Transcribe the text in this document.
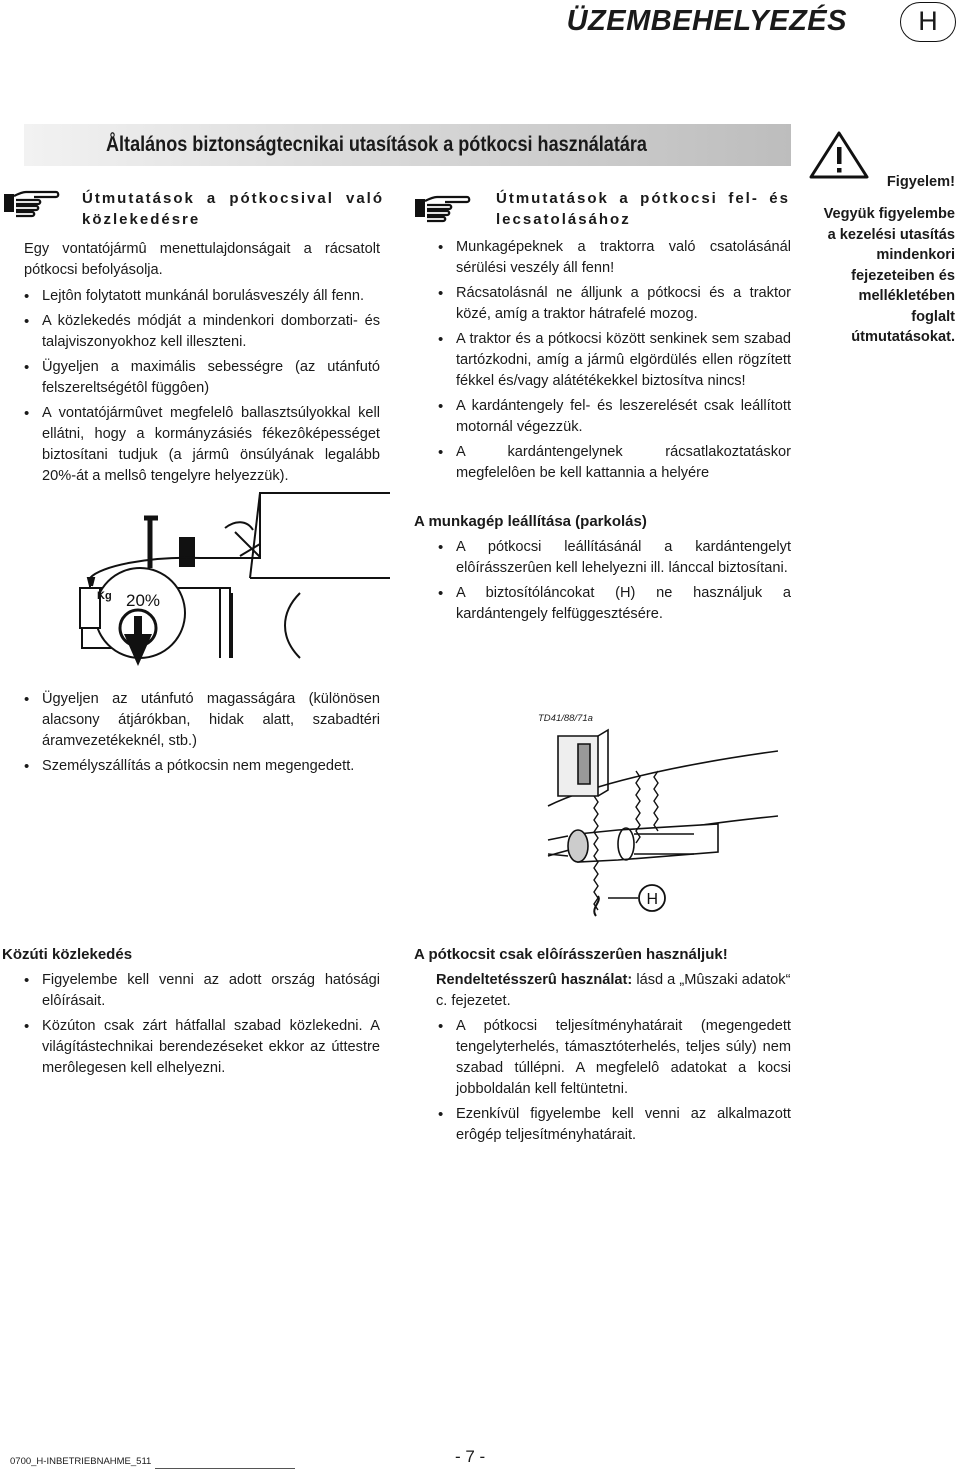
ÜZEMBEHELYEZÉS	H
Åltalános biztonságtecnikai utasítások a pótkocsi használatára
Útmutatások a pótkocsival való közlekedésre
Egy vontatójármû menettulajdonságait a rácsatolt pótkocsi befolyásolja.
• Lejtôn folytatott munkánál borulásveszély áll fenn.
• A közlekedés módját a mindenkori domborzati- és talajviszonyokhoz kell illeszteni.
• Ügyeljen a maximális sebességre (az utánfutó felszereltségétôl függôen)
• A vontatójármûvet megfelelô ballasztsúlyokkal kell ellátni, hogy a kormányzásiés fékezôképességet biztosítani tudjuk (a jármû önsúlyának legalább 20%-át a mellsô tengelyre helyezzük).
Kg 20%
• Ügyeljen az utánfutó magasságára (különösen alacsony átjárókban, hidak alatt, szabadtéri áramvezetékeknél, stb.)
• Személyszállítás a pótkocsin nem megengedett.
Útmutatások a pótkocsi fel- és lecsatolásához
• Munkagépeknek a traktorra való csatolásánál sérülési veszély áll fenn!
• Rácsatolásnál ne álljunk a pótkocsi és a traktor közé, amíg a traktor hátrafelé mozog.
• A traktor és a pótkocsi között senkinek sem szabad tartózkodni, amíg a jármû elgördülés ellen rögzített fékkel és/vagy alátétékekkel biztosítva nincs!
• A kardántengely fel- és leszerelését csak leállított motornál végezzük.
• A kardántengelynek rácsatlakoztatáskor megfelelôen be kell kattannia a helyére
A munkagép leállítása (parkolás)
• A pótkocsi leállításánál a kardántengelyt elôírásszerûen kell lehelyezni ill. lánccal biztosítani.
• A biztosítóláncokat (H) ne használjuk a kardántengely felfüggesztésére.
TD41/88/71a
H
Figyelem!
Vegyük figyelembe
a kezelési utasítás
mindenkori
fejezeteiben és
mellékletében
foglalt
útmutatásokat.
Közúti közlekedés
• Figyelembe kell venni az adott ország hatósági elôírásait.
• Közúton csak zárt hátfallal szabad közlekedni. A világítástechnikai berendezéseket ekkor az úttestre merôlegesen kell elhelyezni.
A pótkocsit csak elôírásszerûen használjuk!
Rendeltetésszerû használat: lásd a „Mûszaki adatok“ c. fejezetet.
• A pótkocsi teljesítményhatárait (megengedett tengelyterhelés, támasztóterhelés, teljes súly) nem szabad túllépni. A megfelelô adatokat a kocsi jobboldalán kell feltüntetni.
• Ezenkívül figyelembe kell venni az alkalmazott erôgép teljesítményhatárait.
0700_H-INBETRIEBNAHME_511	- 7 -
